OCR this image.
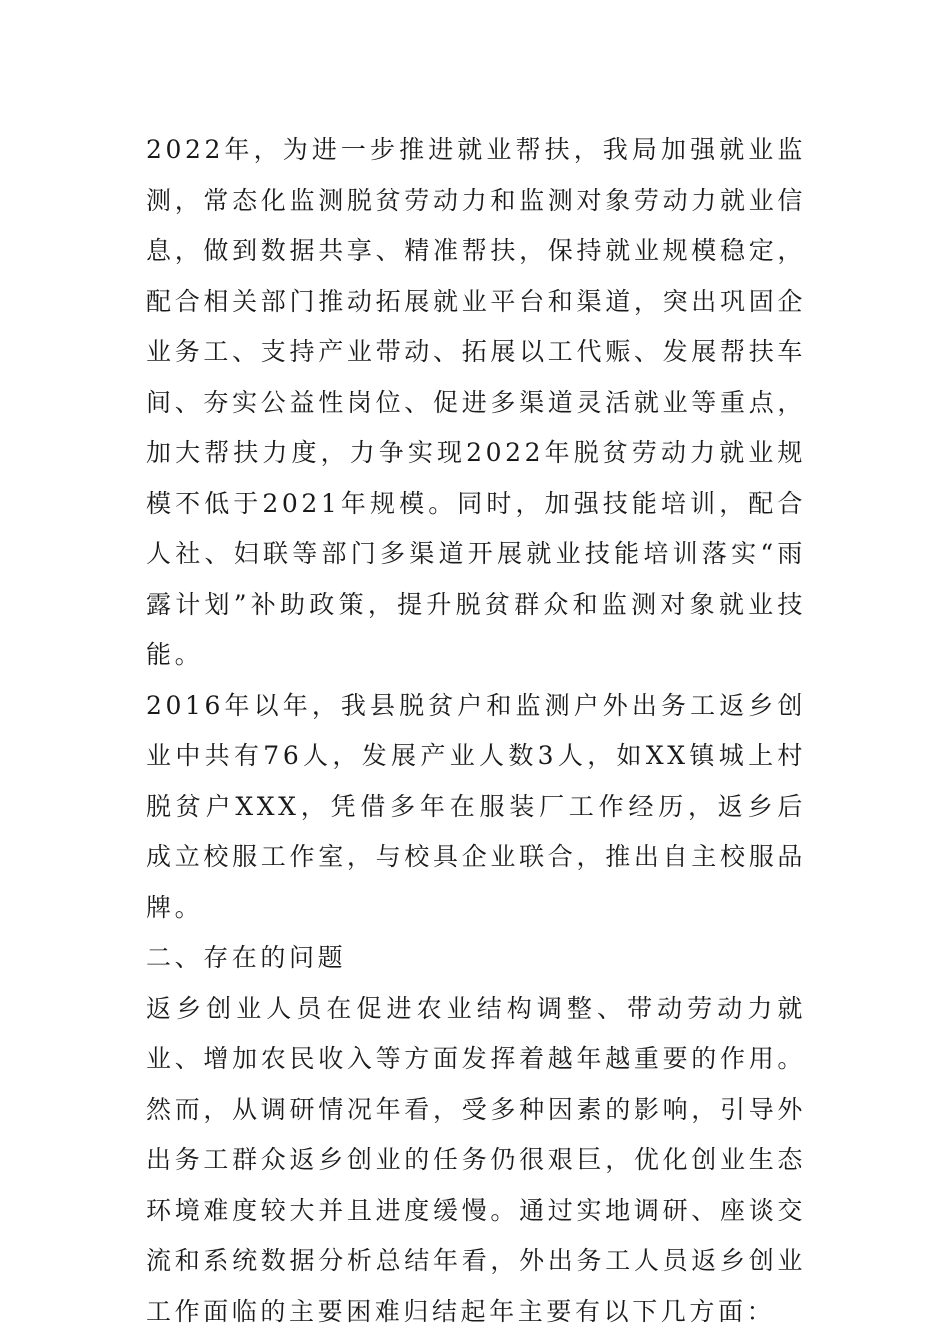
2022年，为进一步推进就业帮扶，我局加强就业监测，常态化监测脱贫劳动力和监测对象劳动力就业信息，做到数据共享、精准帮扶，保持就业规模稳定，配合相关部门推动拓展就业平台和渠道，突出巩固企业务工、支持产业带动、拓展以工代赈、发展帮扶车间、夯实公益性岗位、促进多渠道灵活就业等重点，加大帮扶力度，力争实现2022年脱贫劳动力就业规模不低于2021年规模。同时，加强技能培训，配合人社、妇联等部门多渠道开展就业技能培训落实“雨露计划”补助政策，提升脱贫群众和监测对象就业技能。

2016年以年，我县脱贫户和监测户外出务工返乡创业中共有76人，发展产业人数3人，如XX镇城上村脱贫户XXX，凭借多年在服装厂工作经历，返乡后成立校服工作室，与校具企业联合，推出自主校服品牌。

二、存在的问题

返乡创业人员在促进农业结构调整、带动劳动力就业、增加农民收入等方面发挥着越年越重要的作用。然而，从调研情况年看，受多种因素的影响，引导外出务工群众返乡创业的任务仍很艰巨，优化创业生态环境难度较大并且进度缓慢。通过实地调研、座谈交流和系统数据分析总结年看，外出务工人员返乡创业工作面临的主要困难归结起年主要有以下几方面：
